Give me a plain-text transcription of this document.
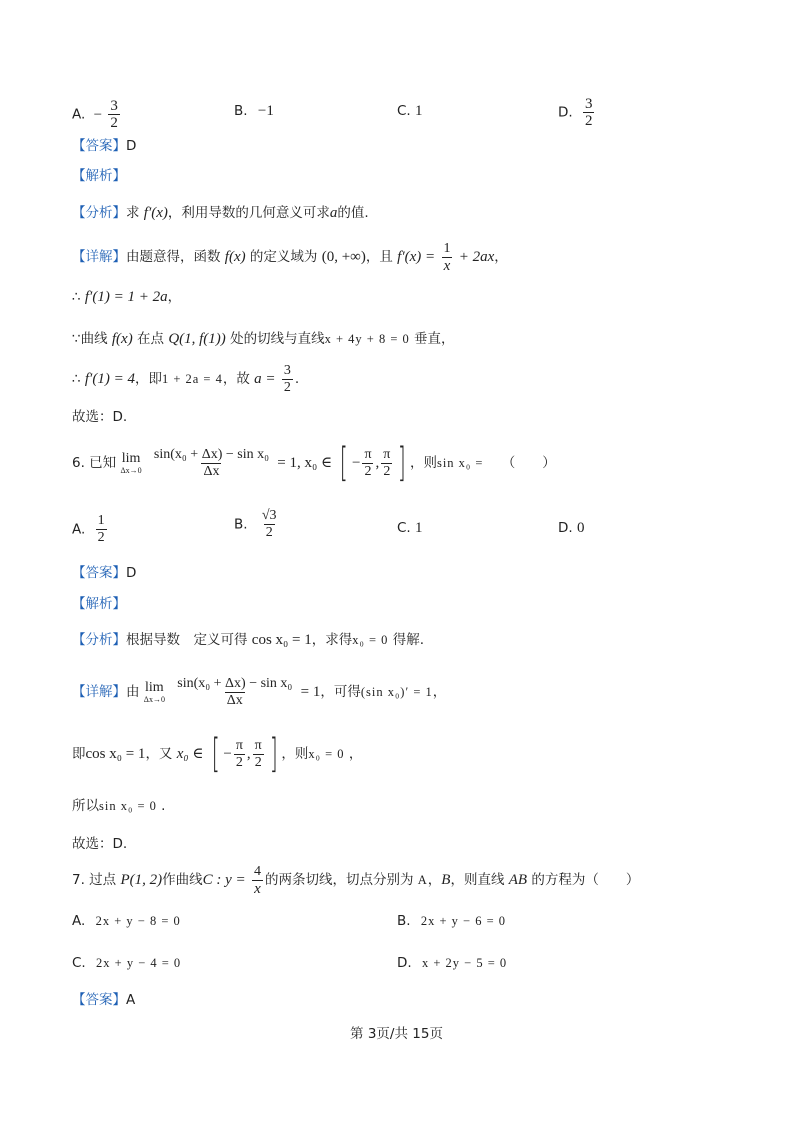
A. − $\frac{3}{2}$	B. −1	C. 1	D. $\frac{3}{2}$
【答案】D
【解析】
【分析】求 f′(x)，利用导数的几何意义可求a的值.
【详解】由题意得，函数 f(x) 的定义域为 (0, +∞)，且 $f'(x) = \frac{1}{x} + 2ax$，
∴ f′(1) = 1 + 2a，
∵曲线 f(x) 在点 Q(1, f(1)) 处的切线与直线x + 4y + 8 = 0 垂直，
∴ f′(1) = 4，即1 + 2a = 4，故 $a = \frac{3}{2}$ .
故选：D.
6. 已知 lim
Δx→0
$\frac{\text{sin(x₀ + Δx) − sin x₀}}{\Delta x} = 1$, x₀ ∈ [ − $\frac{\pi}{2}$ , $\frac{\pi}{2}$ ] ，则sin x₀ = （　　）
A. $\frac{1}{2}$	B. $\frac{√3}{2}$	C. 1	D. 0
【答案】D
【解析】
【分析】根据导数　定义可得 cos x₀ = 1，求得x₀ = 0 得解.
【详解】由 lim
Δx→0
$\frac{\text{sin(x₀ + Δx) − sin x₀}}{\Delta x} = 1$，可得(sin x₀)′ = 1，
即cos x₀ = 1，又 x₀ ∈ [ − $\frac{\pi}{2}$ , $\frac{\pi}{2}$ ] ，则x₀ = 0 ，
所以sin x₀ = 0 .
故选：D.
7. 过点 P(1, 2)作曲线C : $y = \frac{4}{x}$ 的两条切线，切点分别为 A，B，则直线 AB 的方程为（　　）
A. 2x + y − 8 = 0	B. 2x + y − 6 = 0
C. 2x + y − 4 = 0	D. x + 2y − 5 = 0
【答案】A
第 3页/共 15页
